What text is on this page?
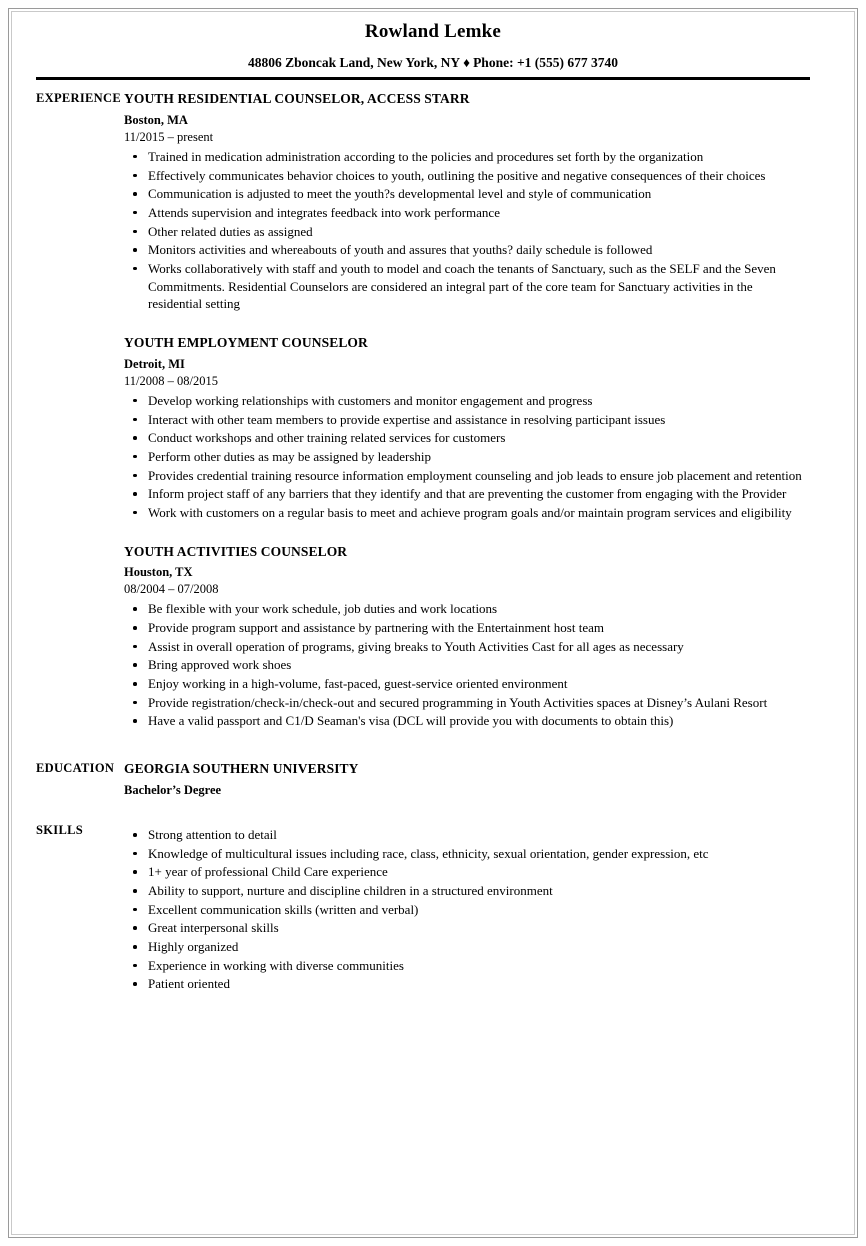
Rowland Lemke
48806 Zboncak Land, New York, NY ♦ Phone: +1 (555) 677 3740
EXPERIENCE YOUTH RESIDENTIAL COUNSELOR, ACCESS STARR
Boston, MA
11/2015 – present
Trained in medication administration according to the policies and procedures set forth by the organization
Effectively communicates behavior choices to youth, outlining the positive and negative consequences of their choices
Communication is adjusted to meet the youth?s developmental level and style of communication
Attends supervision and integrates feedback into work performance
Other related duties as assigned
Monitors activities and whereabouts of youth and assures that youths? daily schedule is followed
Works collaboratively with staff and youth to model and coach the tenants of Sanctuary, such as the SELF and the Seven Commitments. Residential Counselors are considered an integral part of the core team for Sanctuary activities in the residential setting
YOUTH EMPLOYMENT COUNSELOR
Detroit, MI
11/2008 – 08/2015
Develop working relationships with customers and monitor engagement and progress
Interact with other team members to provide expertise and assistance in resolving participant issues
Conduct workshops and other training related services for customers
Perform other duties as may be assigned by leadership
Provides credential training resource information employment counseling and job leads to ensure job placement and retention
Inform project staff of any barriers that they identify and that are preventing the customer from engaging with the Provider
Work with customers on a regular basis to meet and achieve program goals and/or maintain program services and eligibility
YOUTH ACTIVITIES COUNSELOR
Houston, TX
08/2004 – 07/2008
Be flexible with your work schedule, job duties and work locations
Provide program support and assistance by partnering with the Entertainment host team
Assist in overall operation of programs, giving breaks to Youth Activities Cast for all ages as necessary
Bring approved work shoes
Enjoy working in a high-volume, fast-paced, guest-service oriented environment
Provide registration/check-in/check-out and secured programming in Youth Activities spaces at Disney’s Aulani Resort
Have a valid passport and C1/D Seaman's visa (DCL will provide you with documents to obtain this)
EDUCATION GEORGIA SOUTHERN UNIVERSITY
Bachelor’s Degree
SKILLS	Strong attention to detail
Knowledge of multicultural issues including race, class, ethnicity, sexual orientation, gender expression, etc
1+ year of professional Child Care experience
Ability to support, nurture and discipline children in a structured environment
Excellent communication skills (written and verbal)
Great interpersonal skills
Highly organized
Experience in working with diverse communities
Patient oriented
